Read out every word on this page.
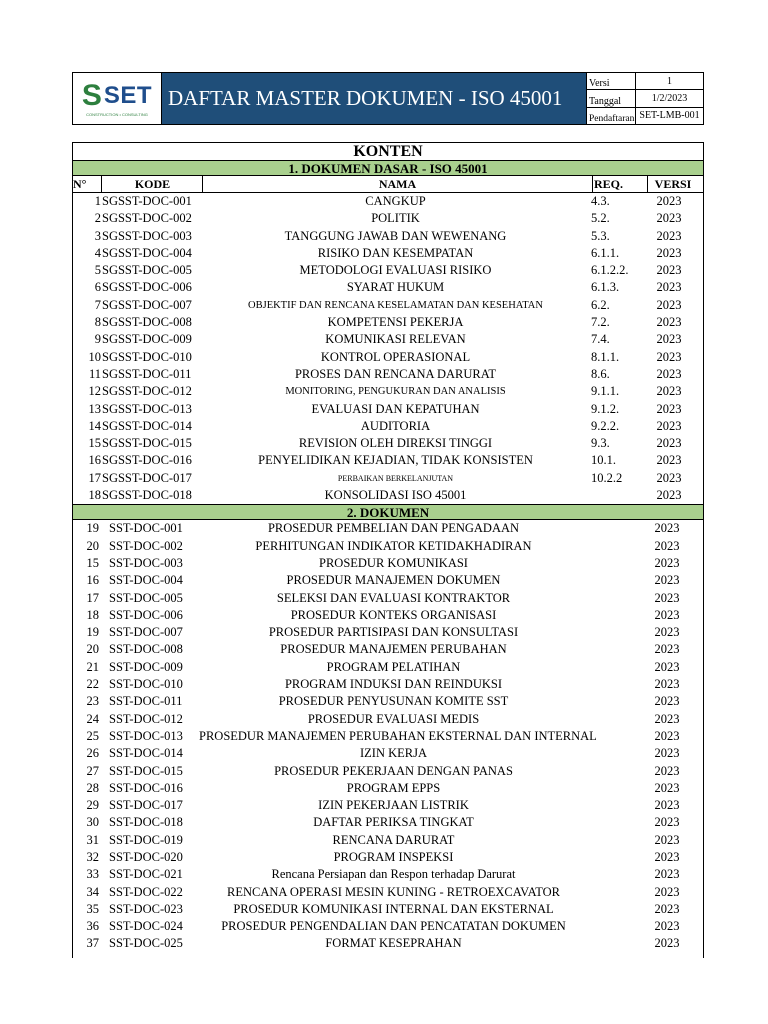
S SET
CONSTRUCTION • CONSULTING
DAFTAR MASTER DOKUMEN - ISO 45001
Versi	1
Tanggal	1/2/2023
Pendaftaran SET-LMB-001
KONTEN
1. DOKUMEN DASAR - ISO 45001
N°	KODE	NAMA	REQ.	VERSI
1 SGSST-DOC-001	CANGKUP	4.3.	2023
2 SGSST-DOC-002	POLITIK	5.2.	2023
3 SGSST-DOC-003	TANGGUNG JAWAB DAN WEWENANG	5.3.	2023
4 SGSST-DOC-004	RISIKO DAN KESEMPATAN	6.1.1.	2023
5 SGSST-DOC-005	METODOLOGI EVALUASI RISIKO	6.1.2.2.	2023
6 SGSST-DOC-006	SYARAT HUKUM	6.1.3.	2023
7 SGSST-DOC-007	OBJEKTIF DAN RENCANA KESELAMATAN DAN KESEHATAN	6.2.	2023
8 SGSST-DOC-008	KOMPETENSI PEKERJA	7.2.	2023
9 SGSST-DOC-009	KOMUNIKASI RELEVAN	7.4.	2023
10 SGSST-DOC-010	KONTROL OPERASIONAL	8.1.1.	2023
11 SGSST-DOC-011	PROSES DAN RENCANA DARURAT	8.6.	2023
12 SGSST-DOC-012	MONITORING, PENGUKURAN DAN ANALISIS	9.1.1.	2023
13 SGSST-DOC-013	EVALUASI DAN KEPATUHAN	9.1.2.	2023
14 SGSST-DOC-014	AUDITORIA	9.2.2.	2023
15 SGSST-DOC-015	REVISION OLEH DIREKSI TINGGI	9.3.	2023
16 SGSST-DOC-016	PENYELIDIKAN KEJADIAN, TIDAK KONSISTEN	10.1.	2023
17 SGSST-DOC-017	PERBAIKAN BERKELANJUTAN	10.2.2	2023
18 SGSST-DOC-018	KONSOLIDASI ISO 45001	2023
2. DOKUMEN
19 SST-DOC-001	PROSEDUR PEMBELIAN DAN PENGADAAN	2023
20 SST-DOC-002	PERHITUNGAN INDIKATOR KETIDAKHADIRAN	2023
15 SST-DOC-003	PROSEDUR KOMUNIKASI	2023
16 SST-DOC-004	PROSEDUR MANAJEMEN DOKUMEN	2023
17 SST-DOC-005	SELEKSI DAN EVALUASI KONTRAKTOR	2023
18 SST-DOC-006	PROSEDUR KONTEKS ORGANISASI	2023
19 SST-DOC-007	PROSEDUR PARTISIPASI DAN KONSULTASI	2023
20 SST-DOC-008	PROSEDUR MANAJEMEN PERUBAHAN	2023
21 SST-DOC-009	PROGRAM PELATIHAN	2023
22 SST-DOC-010	PROGRAM INDUKSI DAN REINDUKSI	2023
23 SST-DOC-011	PROSEDUR PENYUSUNAN KOMITE SST	2023
24 SST-DOC-012	PROSEDUR EVALUASI MEDIS	2023
25 SST-DOC-013	PROSEDUR MANAJEMEN PERUBAHAN EKSTERNAL DAN INTERNAL	2023
26 SST-DOC-014	IZIN KERJA	2023
27 SST-DOC-015	PROSEDUR PEKERJAAN DENGAN PANAS	2023
28 SST-DOC-016	PROGRAM EPPS	2023
29 SST-DOC-017	IZIN PEKERJAAN LISTRIK	2023
30 SST-DOC-018	DAFTAR PERIKSA TINGKAT	2023
31 SST-DOC-019	RENCANA DARURAT	2023
32 SST-DOC-020	PROGRAM INSPEKSI	2023
33 SST-DOC-021	Rencana Persiapan dan Respon terhadap Darurat	2023
34 SST-DOC-022	RENCANA OPERASI MESIN KUNING - RETROEXCAVATOR	2023
35 SST-DOC-023	PROSEDUR KOMUNIKASI INTERNAL DAN EKSTERNAL	2023
36 SST-DOC-024	PROSEDUR PENGENDALIAN DAN PENCATATAN DOKUMEN	2023
37 SST-DOC-025	FORMAT KESEPRAHAN	2023
